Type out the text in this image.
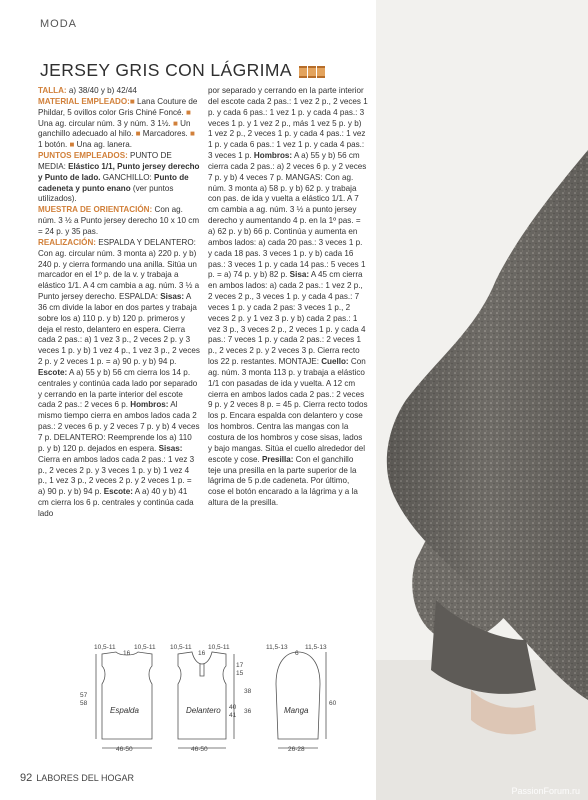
MODA
JERSEY GRIS CON LÁGRIMA

TALLA: a) 38/40 y b) 42/44
MATERIAL EMPLEADO:■ Lana Couture de Phildar, 5 ovillos color Gris Chiné Foncé. ■ Una ag. circular núm. 3 y núm. 3 1½. ■ Un ganchillo adecuado al hilo. ■ Marcadores. ■ 1 botón. ■ Una ag. lanera.
PUNTOS EMPLEADOS: PUNTO DE MEDIA: Elástico 1/1, Punto jersey derecho y Punto de lado. GANCHILLO: Punto de cadeneta y punto enano (ver puntos utilizados).
MUESTRA DE ORIENTACIÓN: Con ag. núm. 3 ½ a Punto jersey derecho 10 x 10 cm = 24 p. y 35 pas.
REALIZACIÓN: ESPALDA Y DELANTERO: Con ag. circular núm. 3 monta a) 220 p. y b) 240 p. y cierra formando una anilla. Sitúa un marcador en el 1º p. de la v. y trabaja a elástico 1/1. A 4 cm cambia a ag. núm. 3 ½ a Punto jersey derecho. ESPALDA: Sisas: A 36 cm divide la labor en dos partes y trabaja sobre los a) 110 p. y b) 120 p. primeros y deja el resto, delantero en espera. Cierra cada 2 pas.: a) 1 vez 3 p., 2 veces 2 p. y 3 veces 1 p. y b) 1 vez 4 p., 1 vez 3 p., 2 veces 2 p. y 2 veces 1 p. = a) 90 p. y b) 94 p. Escote: A a) 55 y b) 56 cm cierra los 14 p. centrales y continúa cada lado por separado y cerrando en la parte interior del escote cada 2 pas.: 2 veces 6 p. Hombros: Al mismo tiempo cierra en ambos lados cada 2 pas.: 2 veces 6 p. y 2 veces 7 p. y b) 4 veces 7 p. DELANTERO: Reemprende los a) 110 p. y b) 120 p. dejados en espera. Sisas: Cierra en ambos lados cada 2 pas.: 1 vez 3 p., 2 veces 2 p. y 3 veces 1 p. y b) 1 vez 4 p., 1 vez 3 p., 2 veces 2 p. y 2 veces 1 p. = a) 90 p. y b) 94 p. Escote: A a) 40 y b) 41 cm cierra los 6 p. centrales y continúa cada lado

por separado y cerrando en la parte interior del escote cada 2 pas.: 1 vez 2 p., 2 veces 1 p. y cada 6 pas.: 1 vez 1 p. y cada 4 pas.: 3 veces 1 p. y 1 vez 2 p., más 1 vez 5 p. y b) 1 vez 2 p., 2 veces 1 p. y cada 4 pas.: 1 vez 1 p. y cada 6 pas.: 1 vez 1 p. y cada 4 pas.: 3 veces 1 p. Hombros: A a) 55 y b) 56 cm cierra cada 2 pas.: a) 2 veces 6 p. y 2 veces 7 p. y b) 4 veces 7 p. MANGAS: Con ag. núm. 3 monta a) 58 p. y b) 62 p. y trabaja con pas. de ida y vuelta a elástico 1/1. A 7 cm cambia a ag. núm. 3 ½ a punto jersey derecho y aumentando 4 p. en la 1º pas. = a) 62 p. y b) 66 p. Continúa y aumenta en ambos lados: a) cada 20 pas.: 3 veces 1 p. y cada 18 pas. 3 veces 1 p. y b) cada 16 pas.: 3 veces 1 p. y cada 14 pas.: 5 veces 1 p. = a) 74 p. y b) 82 p. Sisa: A 45 cm cierra en ambos lados: a) cada 2 pas.: 1 vez 2 p., 2 veces 2 p., 3 veces 1 p. y cada 4 pas.: 7 veces 1 p. y cada 2 pas: 3 veces 1 p., 2 veces 2 p. y 1 vez 3 p. y b) cada 2 pas.: 1 vez 3 p., 3 veces 2 p., 2 veces 1 p. y cada 4 pas.: 7 veces 1 p. y cada 2 pas.: 2 veces 1 p., 2 veces 2 p. y 2 veces 3 p. Cierra recto los 22 p. restantes. MONTAJE: Cuello: Con ag. núm. 3 monta 113 p. y trabaja a elástico 1/1 con pasadas de ida y vuelta. A 12 cm cierra en ambos lados cada 2 pas.: 2 veces 9 p. y 2 veces 8 p. = 45 p. Cierra recto todos los p. Encara espalda con delantero y cose los hombros. Centra las mangas con la costura de los hombros y cose sisas, lados y bajo mangas. Sitúa el cuello alrededor del escote y cose. Presilla: Con el ganchillo teje una presilla en la parte superior de la lágrima de 5 p.de cadeneta. Por último, cose el botón encarado a la lágrima y a la altura de la presilla.

10,5-11
16
10,5-11
57
58
Espalda
46-50
10,5-11
16
10,5-11
17
15
38
40
41
36
Delantero
46-50
11,5-13
6
11,5-13
60
Manga
26-28
92 LABORES DEL HOGAR
PassionForum.ru
